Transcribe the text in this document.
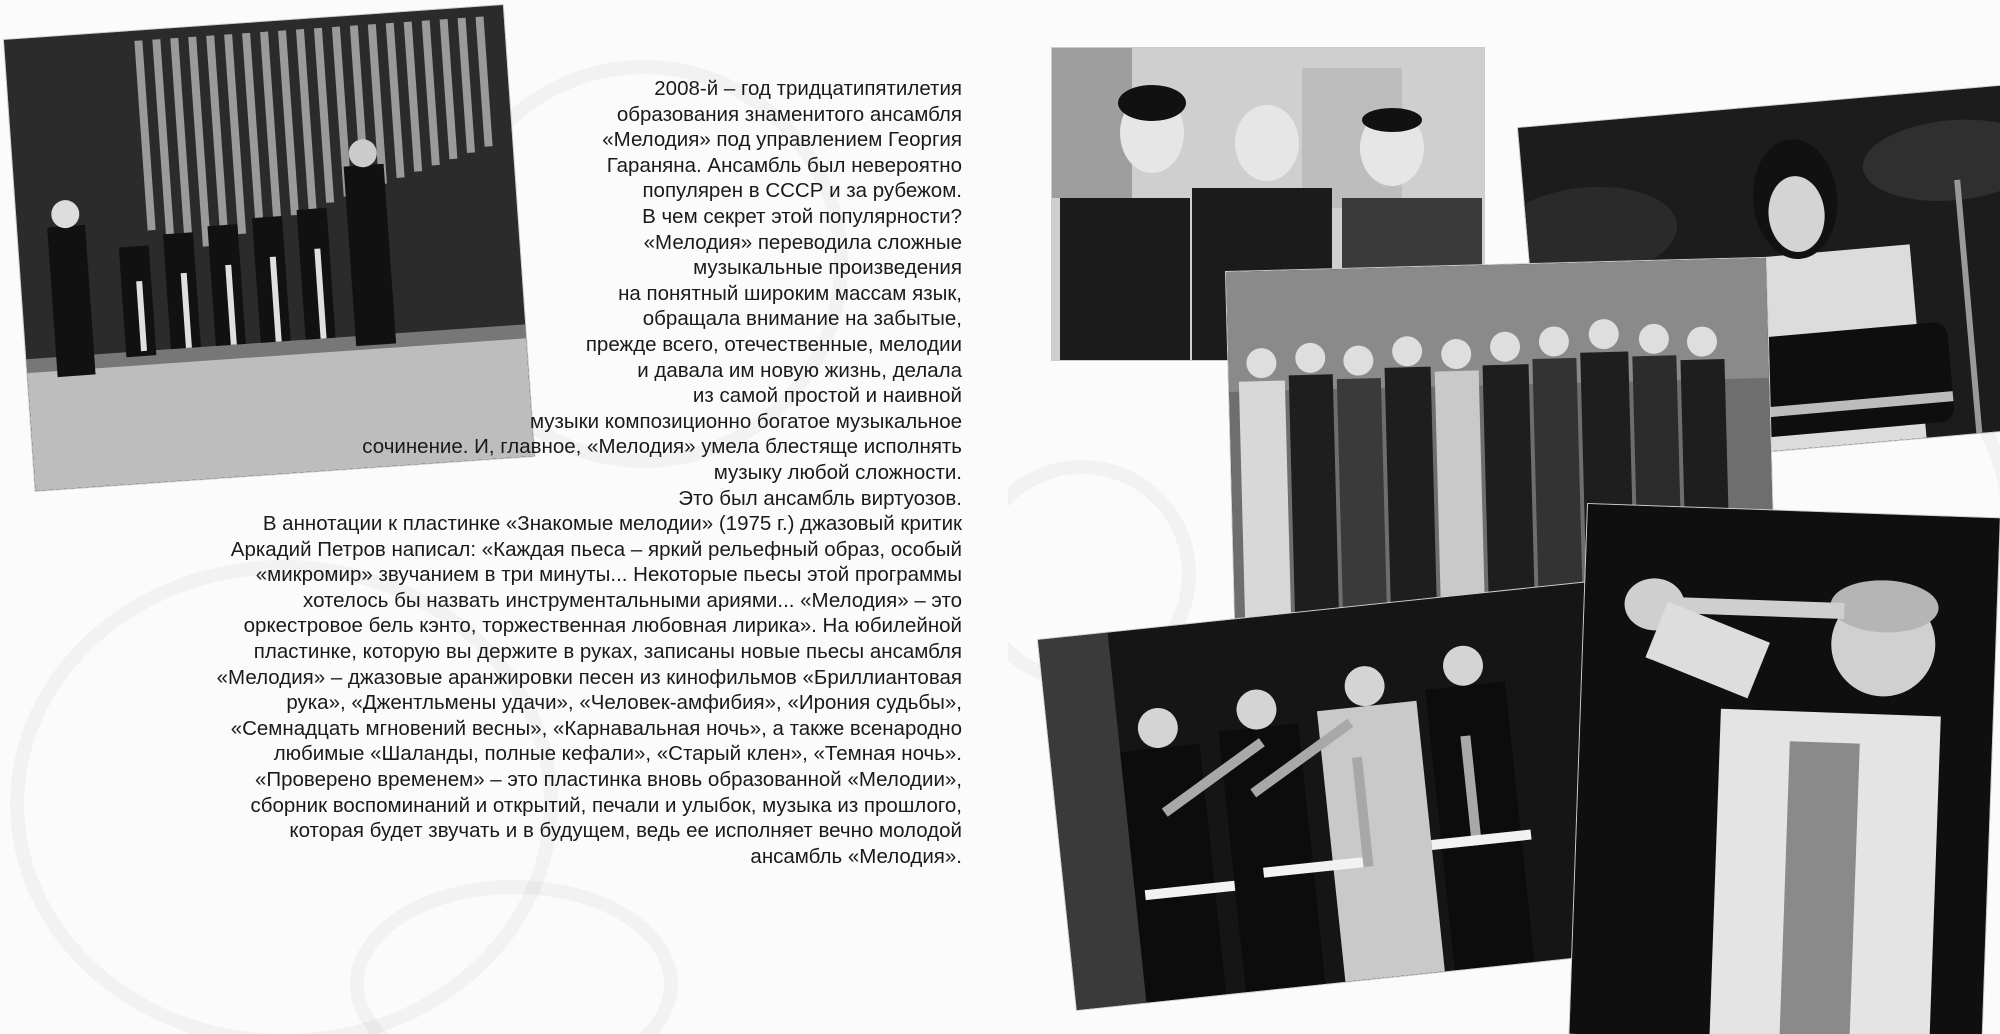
2008-й – год тридцатипятилетия
образования знаменитого ансамбля
«Мелодия» под управлением Георгия
Гараняна. Ансамбль был невероятно
популярен в СССР и за рубежом.
В чем секрет этой популярности?
«Мелодия» переводила сложные
музыкальные произведения
на понятный широким массам язык,
обращала внимание на забытые,
прежде всего, отечественные, мелодии
и давала им новую жизнь, делала
из самой простой и наивной
музыки композиционно богатое музыкальное
сочинение. И, главное, «Мелодия» умела блестяще исполнять
музыку любой сложности.
Это был ансамбль виртуозов.
В аннотации к пластинке «Знакомые мелодии» (1975 г.) джазовый критик
Аркадий Петров написал: «Каждая пьеса – яркий рельефный образ, особый
«микромир» звучанием в три минуты... Некоторые пьесы этой программы
хотелось бы назвать инструментальными ариями... «Мелодия» – это
оркестровое бель кэнто, торжественная любовная лирика». На юбилейной
пластинке, которую вы держите в руках, записаны новые пьесы ансамбля
«Мелодия» – джазовые аранжировки песен из кинофильмов «Бриллиантовая
рука», «Джентльмены удачи», «Человек-амфибия», «Ирония судьбы»,
«Семнадцать мгновений весны», «Карнавальная ночь», а также всенародно
любимые «Шаланды, полные кефали», «Старый клен», «Темная ночь».
«Проверено временем» – это пластинка вновь образованной «Мелодии»,
сборник воспоминаний и открытий, печали и улыбок, музыка из прошлого,
которая будет звучать и в будущем, ведь ее исполняет вечно молодой
ансамбль «Мелодия».
